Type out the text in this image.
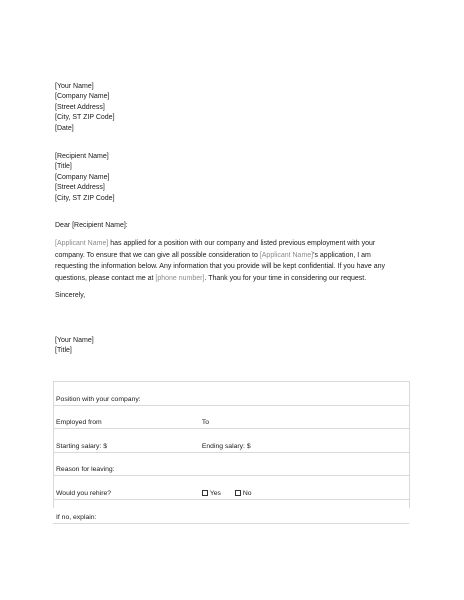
[Your Name]
[Company Name]
[Street Address]
[City, ST ZIP Code]
[Date]
[Recipient Name]
[Title]
[Company Name]
[Street Address]
[City, ST ZIP Code]
Dear [Recipient Name]:
[Applicant Name] has applied for a position with our company and listed previous employment with your company. To ensure that we can give all possible consideration to [Applicant Name]'s application, I am requesting the information below. Any information that you provide will be kept confidential. If you have any questions, please contact me at [phone number]. Thank you for your time in considering our request.
Sincerely,
[Your Name]
[Title]
Position with your company:	
Employed from	To
Starting salary: $	Ending salary: $
Reason for leaving:	
Would you rehire?	Yes No
If no, explain:	
